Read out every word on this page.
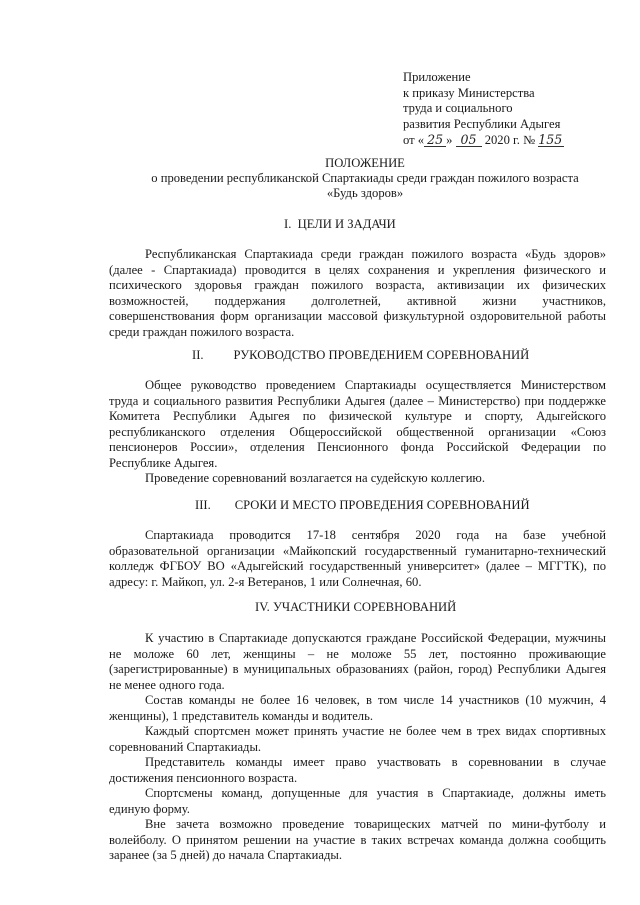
Приложение
к приказу Министерства
труда и социального
развития Республики Адыгея
от « 25 » 05 2020 г. № 155
ПОЛОЖЕНИЕ
о проведении республиканской Спартакиады среди граждан пожилого возраста
«Будь здоров»
I. ЦЕЛИ И ЗАДАЧИ
Республиканская Спартакиада среди граждан пожилого возраста «Будь здоров»
(далее - Спартакиада) проводится в целях сохранения и укрепления физического и
психического здоровья граждан пожилого возраста, активизации их физических
возможностей, поддержания долголетней, активной жизни участников,
совершенствования форм организации массовой физкультурной оздоровительной работы
среди граждан пожилого возраста.
II. РУКОВОДСТВО ПРОВЕДЕНИЕМ СОРЕВНОВАНИЙ
Общее руководство проведением Спартакиады осуществляется Министерством
труда и социального развития Республики Адыгея (далее – Министерство) при поддержке
Комитета Республики Адыгея по физической культуре и спорту, Адыгейского
республиканского отделения Общероссийской общественной организации «Союз
пенсионеров России», отделения Пенсионного фонда Российской Федерации по
Республике Адыгея.
Проведение соревнований возлагается на судейскую коллегию.
III. СРОКИ И МЕСТО ПРОВЕДЕНИЯ СОРЕВНОВАНИЙ
Спартакиада проводится 17-18 сентября 2020 года на базе учебной
образовательной организации «Майкопский государственный гуманитарно-технический
колледж ФГБОУ ВО «Адыгейский государственный университет» (далее – МГГТК), по
адресу: г. Майкоп, ул. 2-я Ветеранов, 1 или Солнечная, 60.
IV. УЧАСТНИКИ СОРЕВНОВАНИЙ
К участию в Спартакиаде допускаются граждане Российской Федерации, мужчины
не моложе 60 лет, женщины – не моложе 55 лет, постоянно проживающие
(зарегистрированные) в муниципальных образованиях (район, город) Республики Адыгея
не менее одного года.
Состав команды не более 16 человек, в том числе 14 участников (10 мужчин, 4
женщины), 1 представитель команды и водитель.
Каждый спортсмен может принять участие не более чем в трех видах спортивных
соревнований Спартакиады.
Представитель команды имеет право участвовать в соревновании в случае
достижения пенсионного возраста.
Спортсмены команд, допущенные для участия в Спартакиаде, должны иметь
единую форму.
Вне зачета возможно проведение товарищеских матчей по мини-футболу и
волейболу. О принятом решении на участие в таких встречах команда должна сообщить
заранее (за 5 дней) до начала Спартакиады.
